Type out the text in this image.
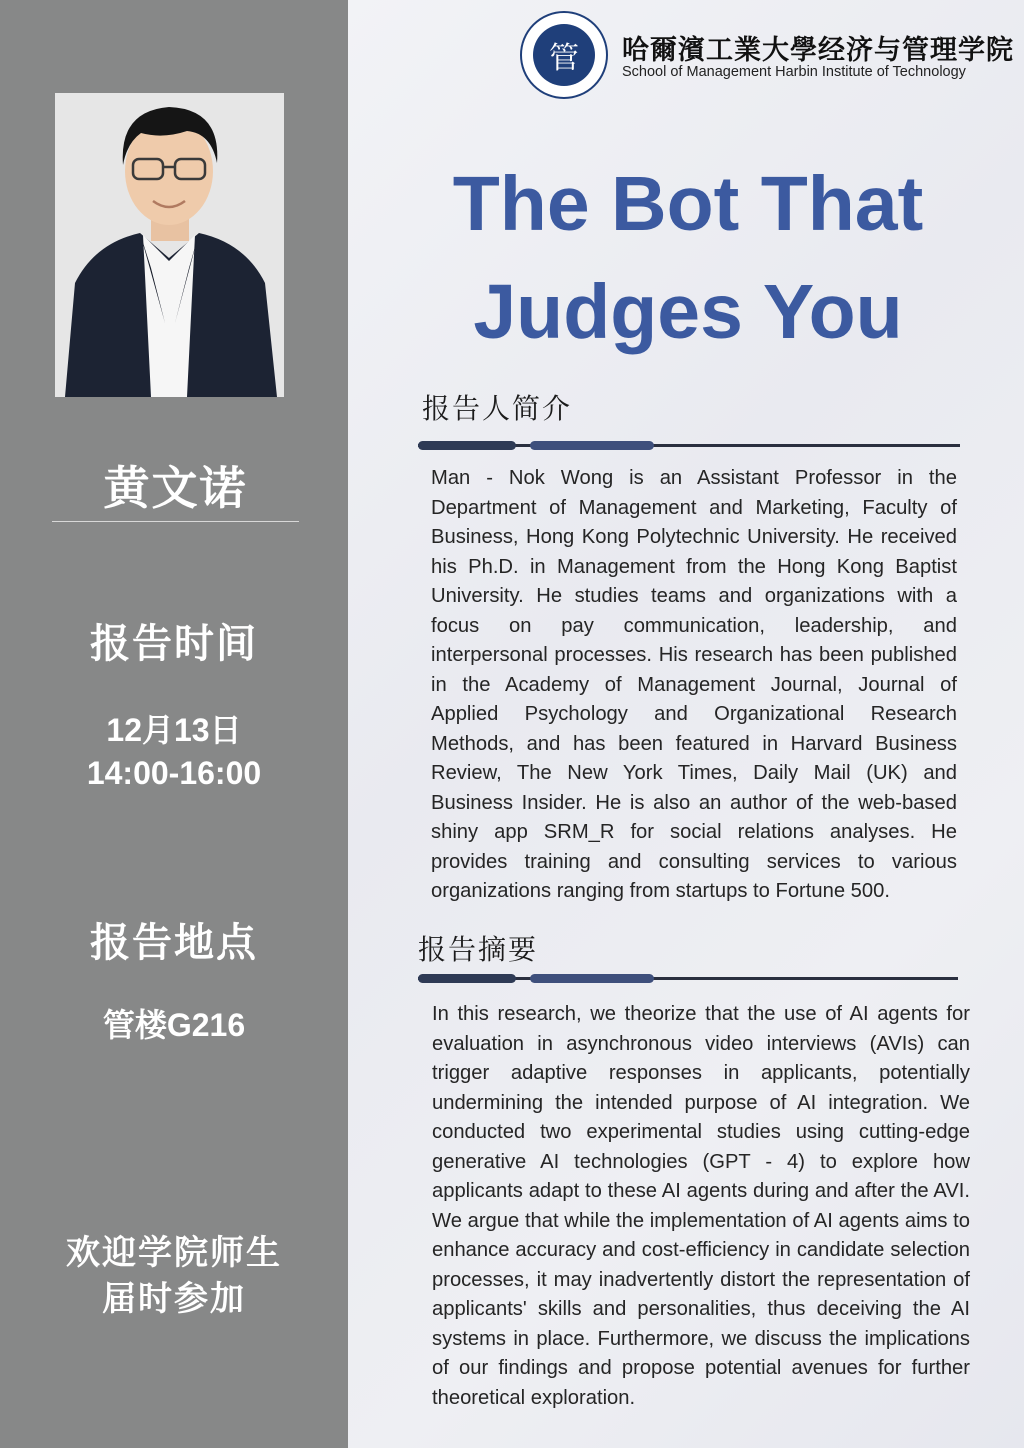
黄文诺
报告时间
12月13日
14:00-16:00
报告地点
管楼G216
欢迎学院师生
届时参加
管	哈爾濱工業大學经济与管理学院
School of Management Harbin Institute of Technology
The Bot That Judges You
报告人简介

Man - Nok Wong is an Assistant Professor in the Department of Management and Marketing, Faculty of Business, Hong Kong Polytechnic University. He received his Ph.D. in Management from the Hong Kong Baptist University. He studies teams and organizations with a focus on pay communication, leadership, and interpersonal processes. His research has been published in the Academy of Management Journal, Journal of Applied Psychology and Organizational Research Methods, and has been featured in Harvard Business Review, The New York Times, Daily Mail (UK) and Business Insider. He is also an author of the web-based shiny app SRM_R for social relations analyses. He provides training and consulting services to various organizations ranging from startups to Fortune 500.

报告摘要

In this research, we theorize that the use of AI agents for evaluation in asynchronous video interviews (AVIs) can trigger adaptive responses in applicants, potentially undermining the intended purpose of AI integration. We conducted two experimental studies using cutting-edge generative AI technologies (GPT - 4) to explore how applicants adapt to these AI agents during and after the AVI. We argue that while the implementation of AI agents aims to enhance accuracy and cost-efficiency in candidate selection processes, it may inadvertently distort the representation of applicants' skills and personalities, thus deceiving the AI systems in place. Furthermore, we discuss the implications of our findings and propose potential avenues for further theoretical exploration.
